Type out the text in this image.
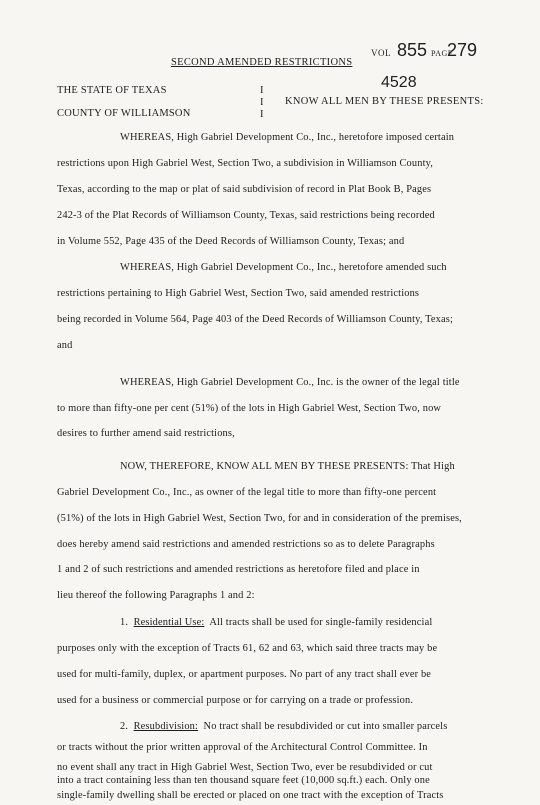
SECOND AMENDED RESTRICTIONS
VOL 855 PAGE
279
4528
THE STATE OF TEXAS
COUNTY OF WILLIAMSON
I
I
I
KNOW ALL MEN BY THESE PRESENTS:
WHEREAS, High Gabriel Development Co., Inc., heretofore imposed certain
restrictions upon High Gabriel West, Section Two, a subdivision in Williamson County,
Texas, according to the map or plat of said subdivision of record in Plat Book B, Pages
242-3 of the Plat Records of Williamson County, Texas, said restrictions being recorded
in Volume 552, Page 435 of the Deed Records of Williamson County, Texas; and
WHEREAS, High Gabriel Development Co., Inc., heretofore amended such
restrictions pertaining to High Gabriel West, Section Two, said amended restrictions
being recorded in Volume 564, Page 403 of the Deed Records of Williamson County, Texas;
and
WHEREAS, High Gabriel Development Co., Inc. is the owner of the legal title
to more than fifty-one per cent (51%) of the lots in High Gabriel West, Section Two, now
desires to further amend said restrictions,
NOW, THEREFORE, KNOW ALL MEN BY THESE PRESENTS: That High
Gabriel Development Co., Inc., as owner of the legal title to more than fifty-one percent
(51%) of the lots in High Gabriel West, Section Two, for and in consideration of the premises,
does hereby amend said restrictions and amended restrictions so as to delete Paragraphs
1 and 2 of such restrictions and amended restrictions as heretofore filed and place in
lieu thereof the following Paragraphs 1 and 2:
1. Residential Use: All tracts shall be used for single-family residencial
purposes only with the exception of Tracts 61, 62 and 63, which said three tracts may be
used for multi-family, duplex, or apartment purposes. No part of any tract shall ever be
used for a business or commercial purpose or for carrying on a trade or profession.
2. Resubdivision: No tract shall be resubdivided or cut into smaller parcels
or tracts without the prior written approval of the Architectural Control Committee. In
no event shall any tract in High Gabriel West, Section Two, ever be resubdivided or cut
into a tract containing less than ten thousand square feet (10,000 sq.ft.) each. Only one
single-family dwelling shall be erected or placed on one tract with the exception of Tracts
